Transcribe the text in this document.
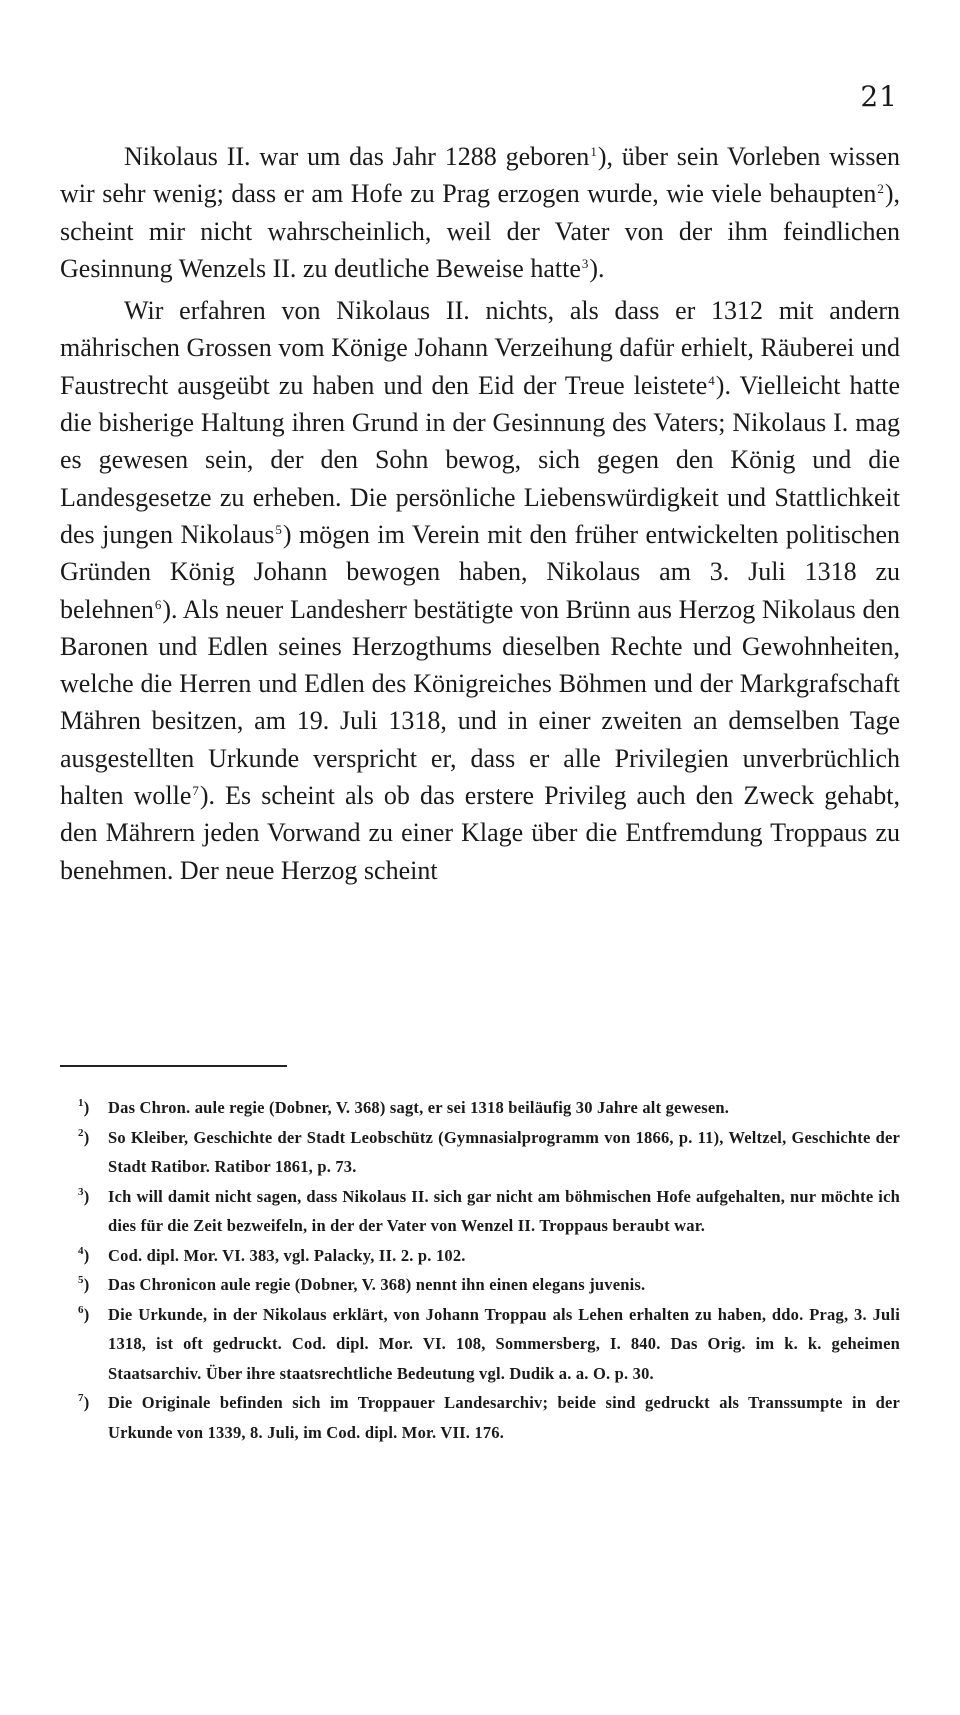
21

Nikolaus II. war um das Jahr 1288 geboren$^1$), über sein Vorleben wissen wir sehr wenig; dass er am Hofe zu Prag erzogen wurde, wie viele behaupten$^2$), scheint mir nicht wahrscheinlich, weil der Vater von der ihm feindlichen Gesinnung Wenzels II. zu deutliche Beweise hatte$^3$).

Wir erfahren von Nikolaus II. nichts, als dass er 1312 mit andern mährischen Grossen vom Könige Johann Verzeihung dafür erhielt, Räuberei und Faustrecht ausgeübt zu haben und den Eid der Treue leistete$^4$). Vielleicht hatte die bisherige Haltung ihren Grund in der Gesinnung des Vaters; Nikolaus I. mag es gewesen sein, der den Sohn bewog, sich gegen den König und die Landesgesetze zu erheben. Die persönliche Liebenswürdigkeit und Stattlichkeit des jungen Nikolaus$^5$) mögen im Verein mit den früher entwickelten politischen Gründen König Johann bewogen haben, Nikolaus am 3. Juli 1318 zu belehnen$^6$). Als neuer Landesherr bestätigte von Brünn aus Herzog Nikolaus den Baronen und Edlen seines Herzogthums dieselben Rechte und Gewohnheiten, welche die Herren und Edlen des Königreiches Böhmen und der Markgrafschaft Mähren besitzen, am 19. Juli 1318, und in einer zweiten an demselben Tage ausgestellten Urkunde verspricht er, dass er alle Privilegien unverbrüchlich halten wolle$^7$). Es scheint als ob das erstere Privileg auch den Zweck gehabt, den Mährern jeden Vorwand zu einer Klage über die Entfremdung Troppaus zu benehmen. Der neue Herzog scheint

$^1$) Das Chron. aule regie (Dobner, V. 368) sagt, er sei 1318 beiläufig 30 Jahre alt gewesen.
$^2$) So Kleiber, Geschichte der Stadt Leobschütz (Gymnasialprogramm von 1866, p. 11), Weltzel, Geschichte der Stadt Ratibor. Ratibor 1861, p. 73.
$^3$) Ich will damit nicht sagen, dass Nikolaus II. sich gar nicht am böhmischen Hofe aufgehalten, nur möchte ich dies für die Zeit bezweifeln, in der der Vater von Wenzel II. Troppaus beraubt war.
$^4$) Cod. dipl. Mor. VI. 383, vgl. Palacky, II. 2. p. 102.
$^5$) Das Chronicon aule regie (Dobner, V. 368) nennt ihn einen elegans juvenis.
$^6$) Die Urkunde, in der Nikolaus erklärt, von Johann Troppau als Lehen erhalten zu haben, ddo. Prag, 3. Juli 1318, ist oft gedruckt. Cod. dipl. Mor. VI. 108, Sommersberg, I. 840. Das Orig. im k. k. geheimen Staatsarchiv. Über ihre staatsrechtliche Bedeutung vgl. Dudik a. a. O. p. 30.
$^7$) Die Originale befinden sich im Troppauer Landesarchiv; beide sind gedruckt als Transsumpte in der Urkunde von 1339, 8. Juli, im Cod. dipl. Mor. VII. 176.
